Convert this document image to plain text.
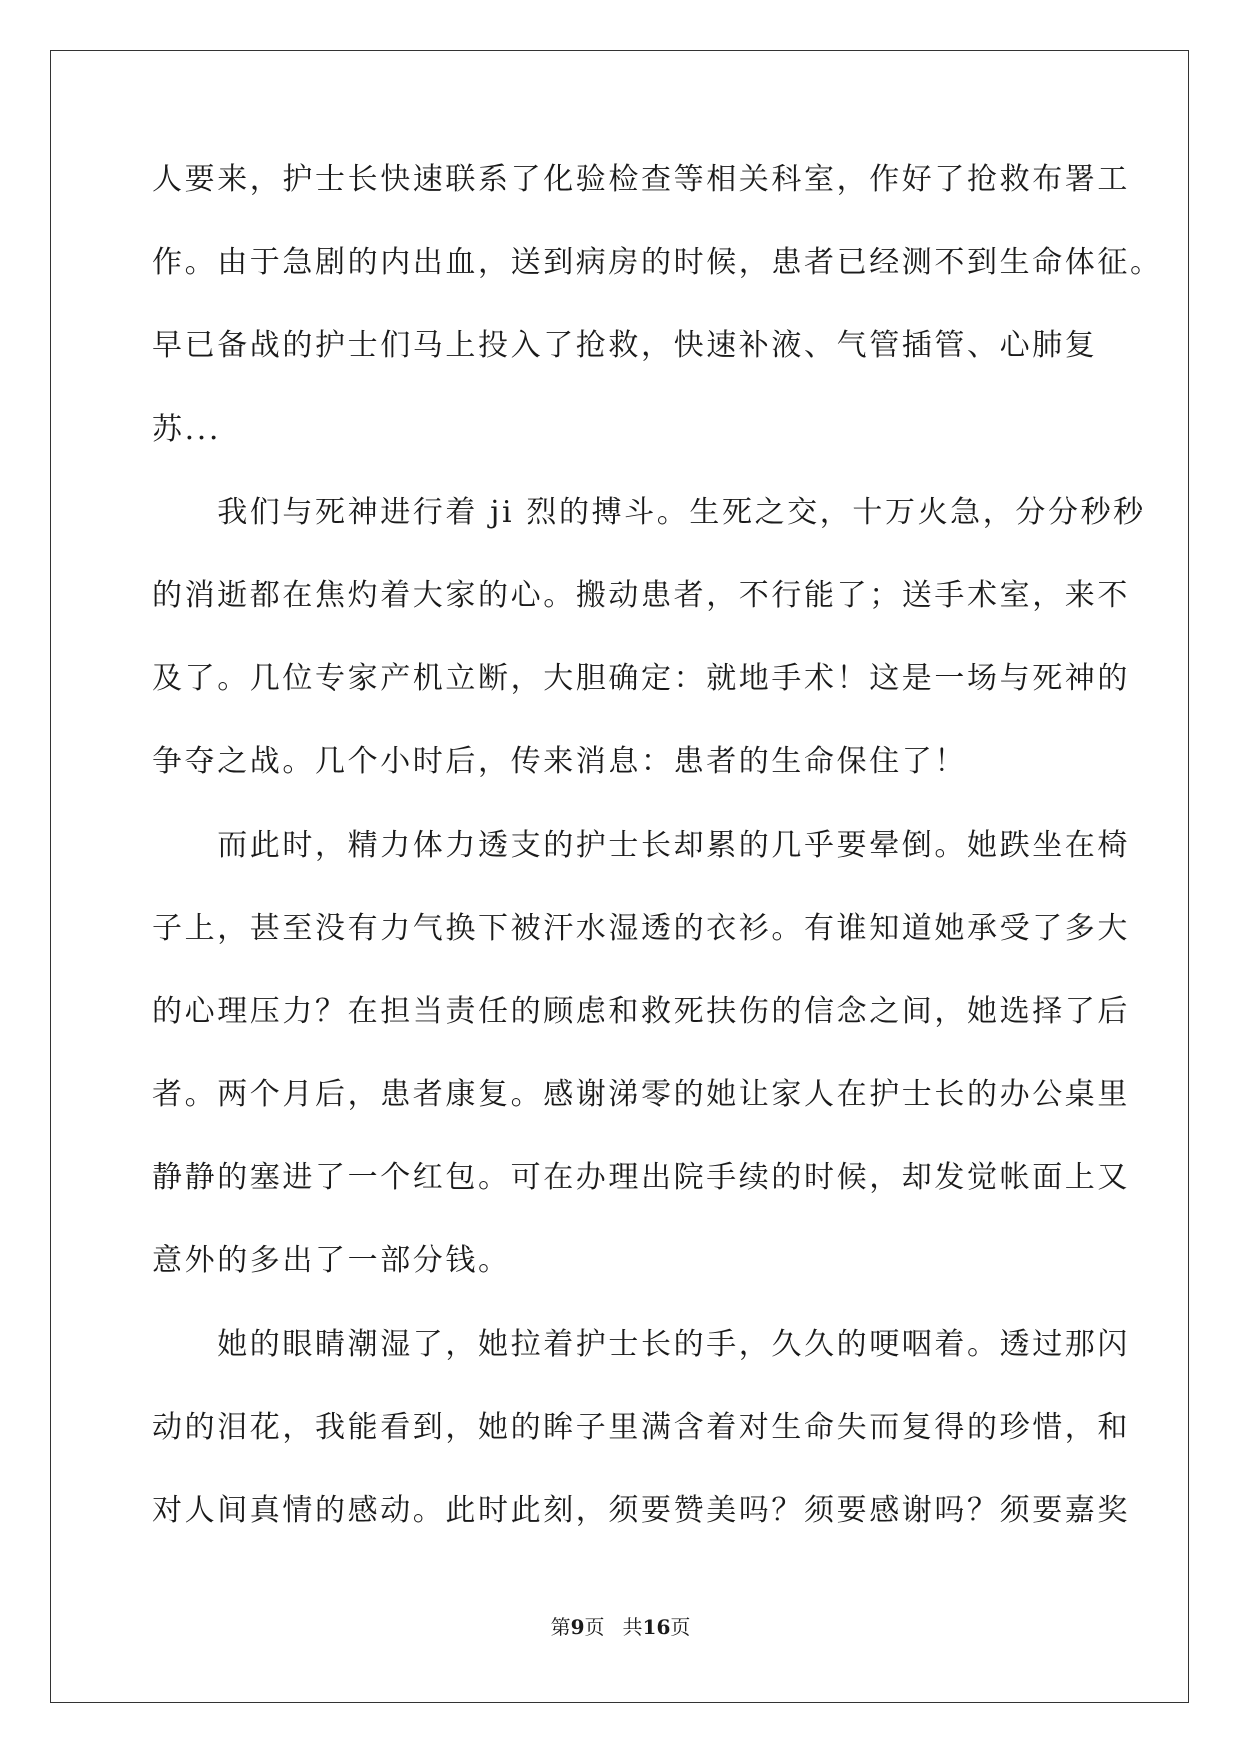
人要来，护士长快速联系了化验检查等相关科室，作好了抢救布署工
作。由于急剧的内出血，送到病房的时候，患者已经测不到生命体征。
早已备战的护士们马上投入了抢救，快速补液、气管插管、心肺复
苏...
　　我们与死神进行着 ji 烈的搏斗。生死之交，十万火急，分分秒秒
的消逝都在焦灼着大家的心。搬动患者，不行能了；送手术室，来不
及了。几位专家产机立断，大胆确定：就地手术！这是一场与死神的
争夺之战。几个小时后，传来消息：患者的生命保住了！
　　而此时，精力体力透支的护士长却累的几乎要晕倒。她跌坐在椅
子上，甚至没有力气换下被汗水湿透的衣衫。有谁知道她承受了多大
的心理压力？在担当责任的顾虑和救死扶伤的信念之间，她选择了后
者。两个月后，患者康复。感谢涕零的她让家人在护士长的办公桌里
静静的塞进了一个红包。可在办理出院手续的时候，却发觉帐面上又
意外的多出了一部分钱。
　　她的眼睛潮湿了，她拉着护士长的手，久久的哽咽着。透过那闪
动的泪花，我能看到，她的眸子里满含着对生命失而复得的珍惜，和
对人间真情的感动。此时此刻，须要赞美吗？须要感谢吗？须要嘉奖
第9页 共16页
